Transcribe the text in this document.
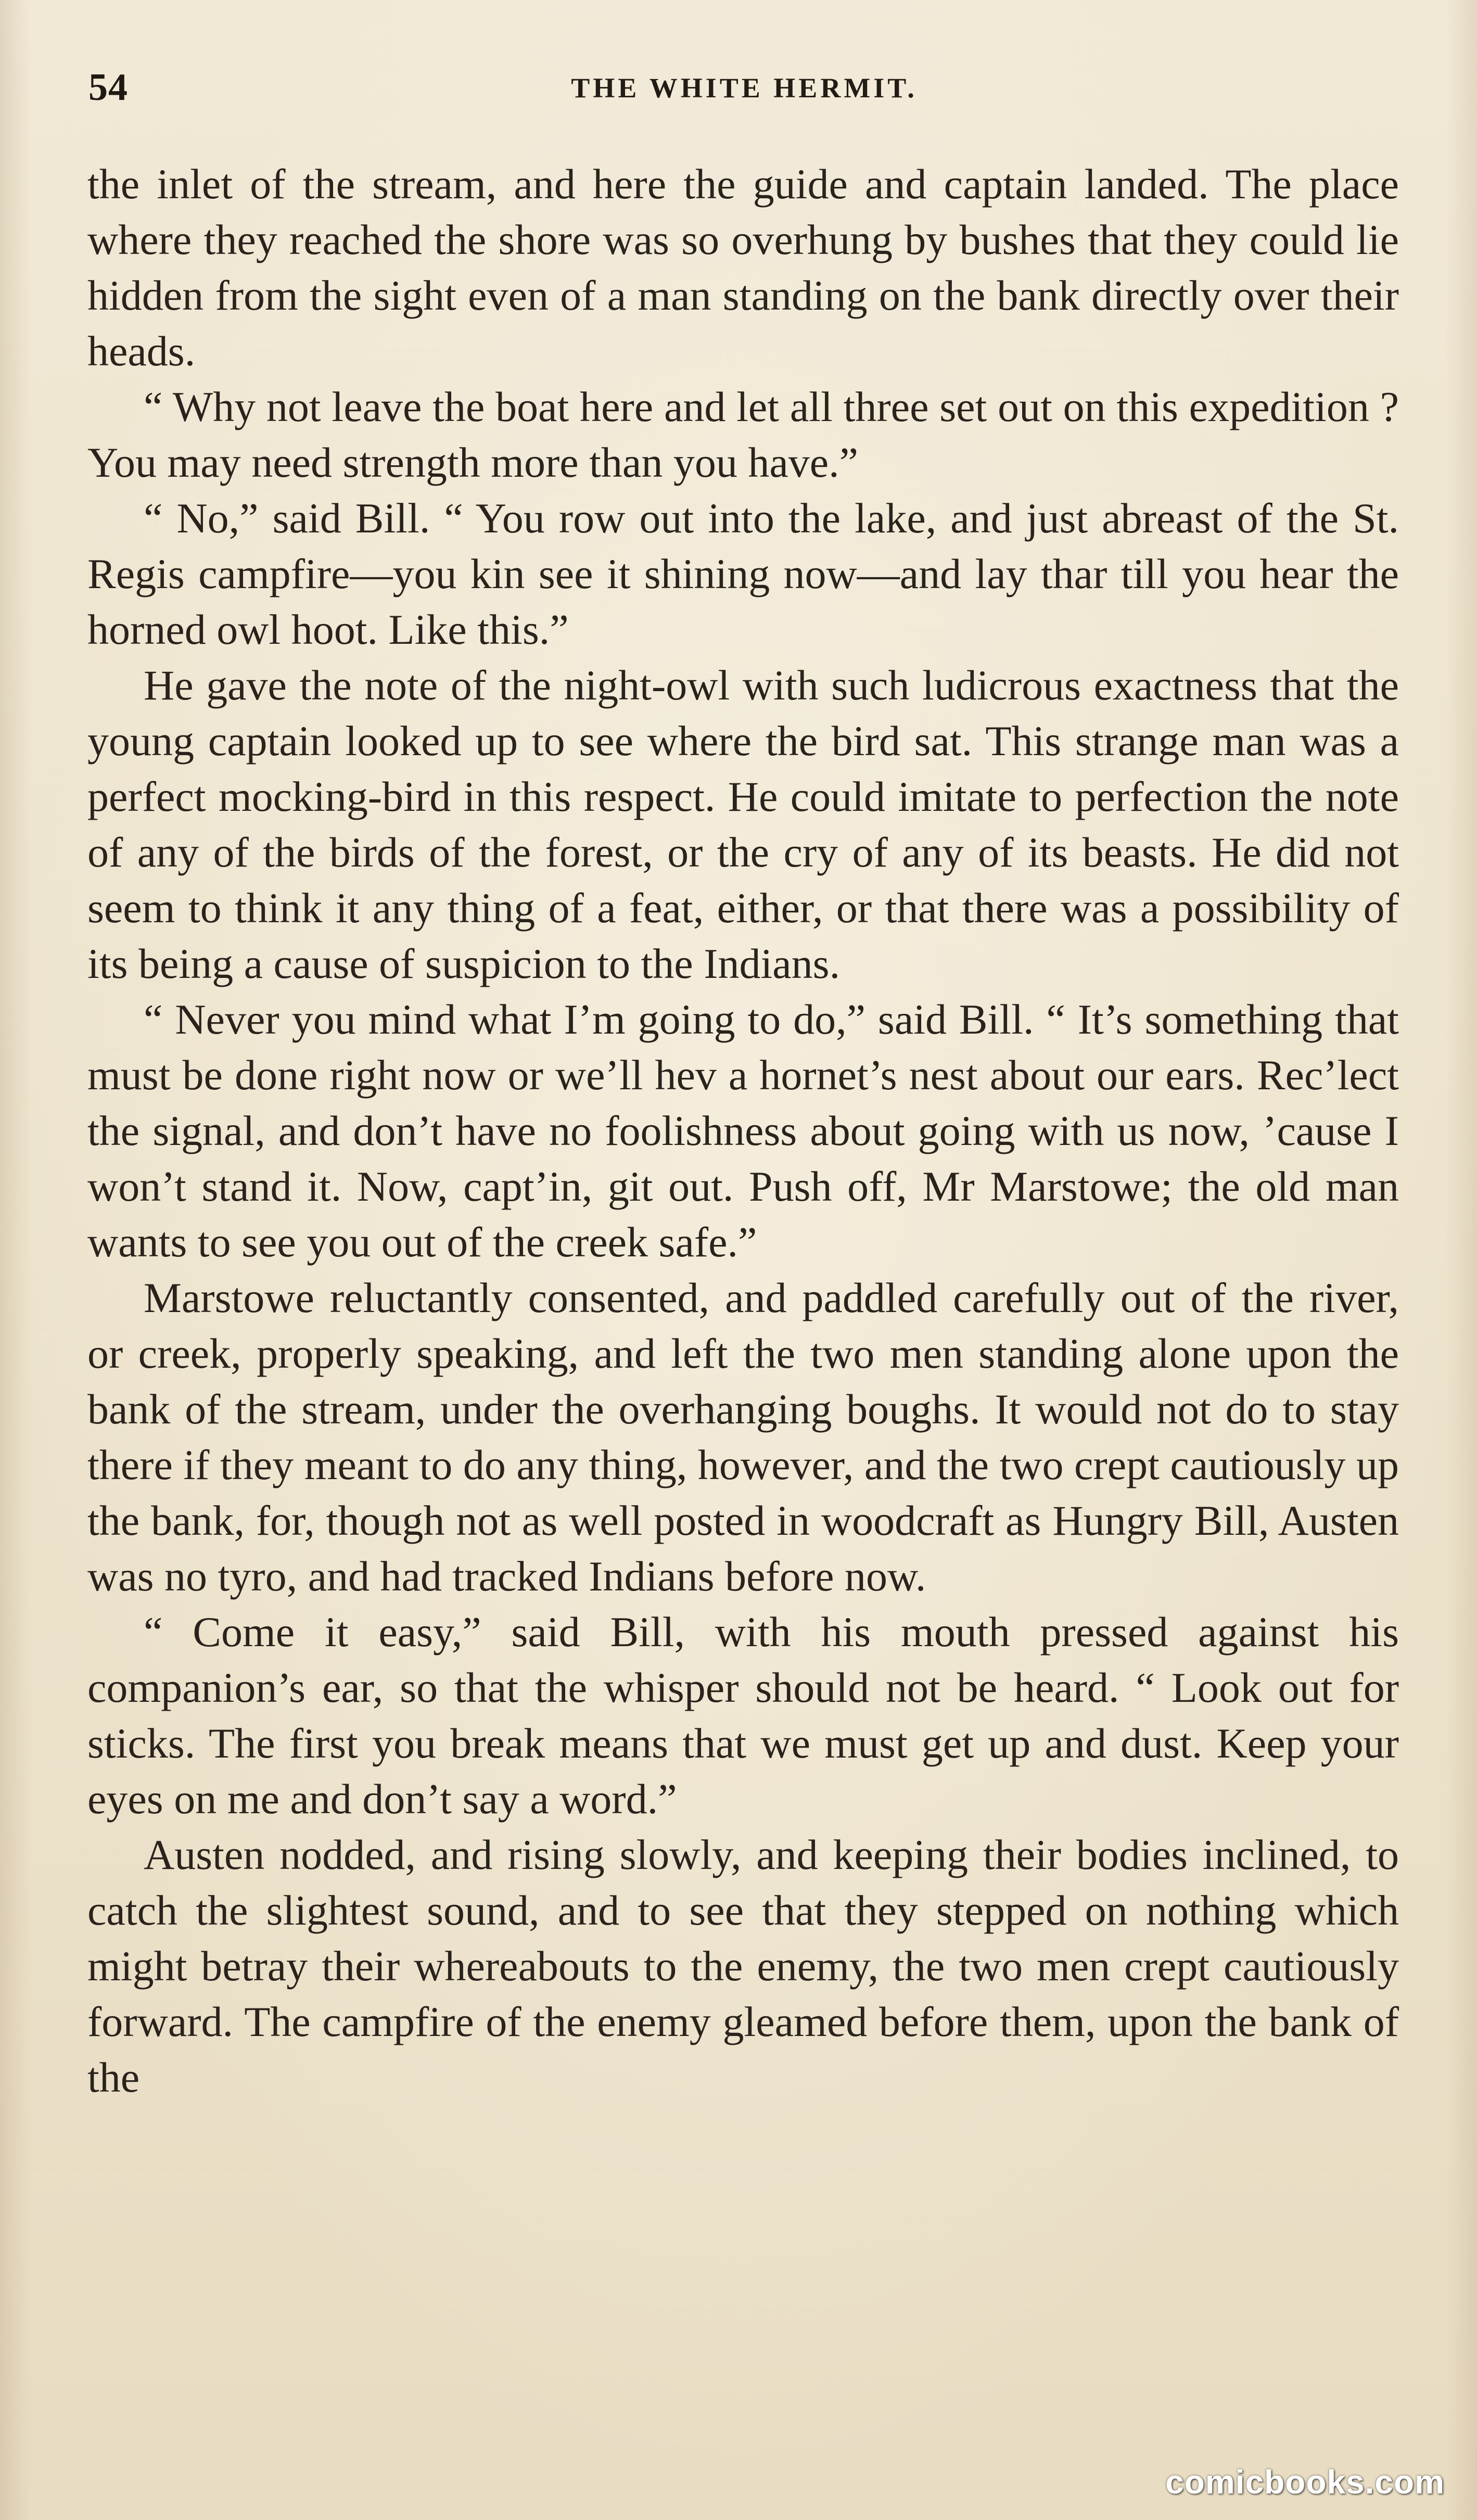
54	THE WHITE HERMIT.

the inlet of the stream, and here the guide and captain landed. The place where they reached the shore was so overhung by bushes that they could lie hidden from the sight even of a man standing on the bank directly over their heads.

“ Why not leave the boat here and let all three set out on this expedition ? You may need strength more than you have.”

“ No,” said Bill. “ You row out into the lake, and just abreast of the St. Regis campfire—you kin see it shining now—and lay thar till you hear the horned owl hoot. Like this.”

He gave the note of the night-owl with such ludicrous exactness that the young captain looked up to see where the bird sat. This strange man was a perfect mocking-bird in this respect. He could imitate to perfection the note of any of the birds of the forest, or the cry of any of its beasts. He did not seem to think it any thing of a feat, either, or that there was a possibility of its being a cause of suspicion to the Indians.

“ Never you mind what I’m going to do,” said Bill. “ It’s something that must be done right now or we’ll hev a hornet’s nest about our ears. Rec’lect the signal, and don’t have no foolishness about going with us now, ’cause I won’t stand it. Now, capt’in, git out. Push off, Mr Marstowe; the old man wants to see you out of the creek safe.”

Marstowe reluctantly consented, and paddled carefully out of the river, or creek, properly speaking, and left the two men standing alone upon the bank of the stream, under the overhanging boughs. It would not do to stay there if they meant to do any thing, however, and the two crept cautiously up the bank, for, though not as well posted in woodcraft as Hungry Bill, Austen was no tyro, and had tracked Indians before now.

“ Come it easy,” said Bill, with his mouth pressed against his companion’s ear, so that the whisper should not be heard. “ Look out for sticks. The first you break means that we must get up and dust. Keep your eyes on me and don’t say a word.”

Austen nodded, and rising slowly, and keeping their bodies inclined, to catch the slightest sound, and to see that they stepped on nothing which might betray their whereabouts to the enemy, the two men crept cautiously forward. The campfire of the enemy gleamed before them, upon the bank of the

comicbooks.com
